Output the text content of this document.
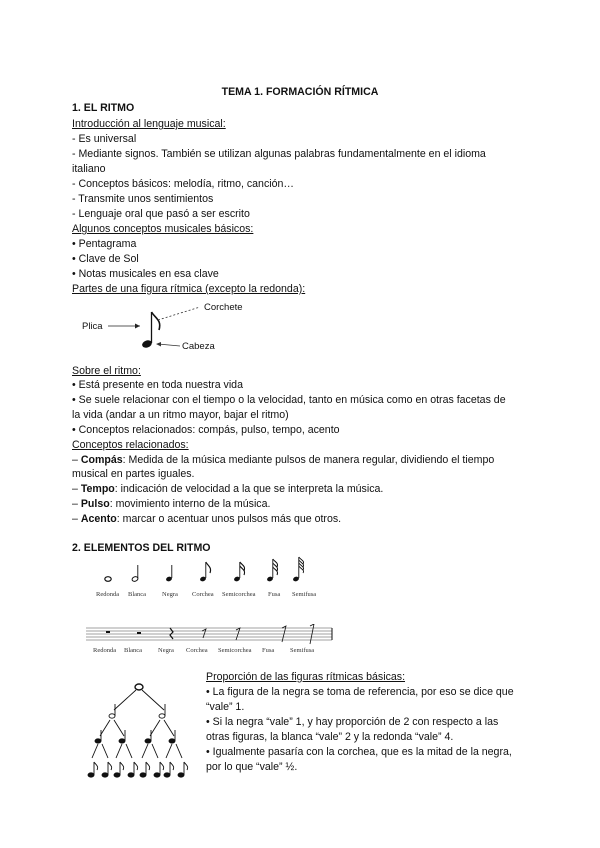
TEMA 1. FORMACIÓN RÍTMICA
1. EL RITMO
Introducción al lenguaje musical:
- Es universal
- Mediante signos. También se utilizan algunas palabras fundamentalmente en el idioma
italiano
- Conceptos básicos: melodía, ritmo, canción…
- Transmite unos sentimientos
- Lenguaje oral que pasó a ser escrito
Algunos conceptos musicales básicos:
• Pentagrama
• Clave de Sol
• Notas musicales en esa clave
Partes de una figura rítmica (excepto la redonda):
Plica
Corchete
Cabeza
Sobre el ritmo:
• Está presente en toda nuestra vida
• Se suele relacionar con el tiempo o la velocidad, tanto en música como en otras facetas de
la vida (andar a un ritmo mayor, bajar el ritmo)
• Conceptos relacionados: compás, pulso, tempo, acento
Conceptos relacionados:
– Compás: Medida de la música mediante pulsos de manera regular, dividiendo el tiempo
musical en partes iguales.
– Tempo: indicación de velocidad a la que se interpreta la música.
– Pulso: movimiento interno de la música.
– Acento: marcar o acentuar unos pulsos más que otros.
2. ELEMENTOS DEL RITMO
Redonda Blanca Negra Corchea Semicorchea Fusa Semifusa
Redonda Blanca Negra Corchea Semicorchea Fusa Semifusa
Proporción de las figuras rítmicas básicas:
• La figura de la negra se toma de referencia, por eso se dice que
“vale” 1.
• Si la negra “vale” 1, y hay proporción de 2 con respecto a las
otras figuras, la blanca “vale” 2 y la redonda “vale” 4.
• Igualmente pasaría con la corchea, que es la mitad de la negra,
por lo que “vale” ½.
